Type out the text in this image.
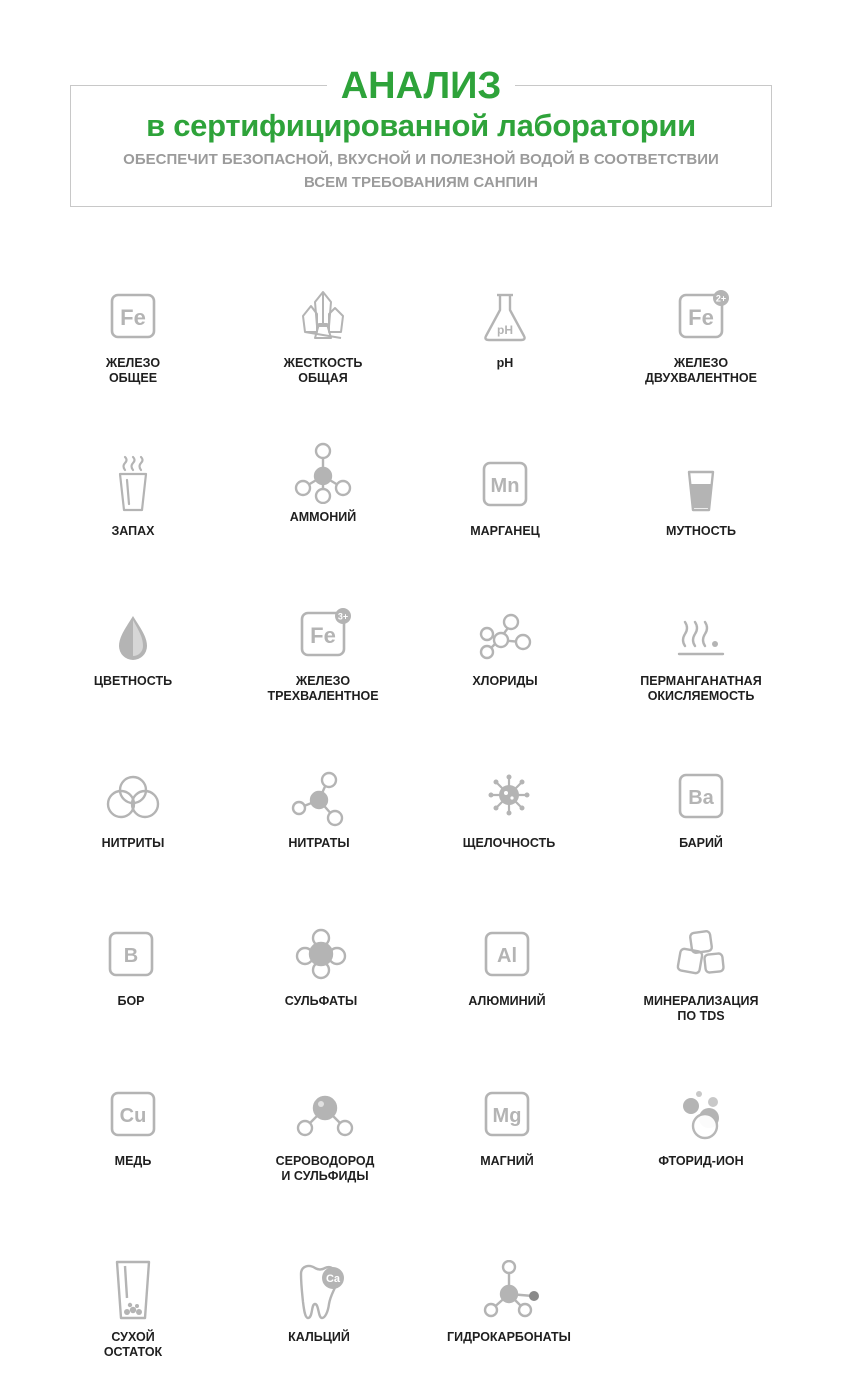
АНАЛИЗ
в сертифицированной лаборатории
ОБЕСПЕЧИТ БЕЗОПАСНОЙ, ВКУСНОЙ И ПОЛЕЗНОЙ ВОДОЙ В СООТВЕТСТВИИ
ВСЕМ ТРЕБОВАНИЯМ САНПИН
Fe
ЖЕЛЕЗО
ОБЩЕЕ
ЖЕСТКОСТЬ
ОБЩАЯ
pH
pH
Fe
2+
ЖЕЛЕЗО
ДВУХВАЛЕНТНОЕ
ЗАПАХ
АММОНИЙ
Mn
МАРГАНЕЦ	МУТНОСТЬ
ЦВЕТНОСТЬ
Fe
3+
ЖЕЛЕЗО
ТРЕХВАЛЕНТНОЕ
ХЛОРИДЫ	ПЕРМАНГАНАТНАЯ
ОКИСЛЯЕМОСТЬ
НИТРИТЫ	НИТРАТЫ	ЩЕЛОЧНОСТЬ
Ba
БАРИЙ
B
БОР	СУЛЬФАТЫ
Al
АЛЮМИНИЙ	МИНЕРАЛИЗАЦИЯ
ПО TDS
Cu
МЕДЬ	СЕРОВОДОРОД
И СУЛЬФИДЫ
Mg
МАГНИЙ	ФТОРИД-ИОН
СУХОЙ
ОСТАТОК
Ca
КАЛЬЦИЙ	ГИДРОКАРБОНАТЫ
